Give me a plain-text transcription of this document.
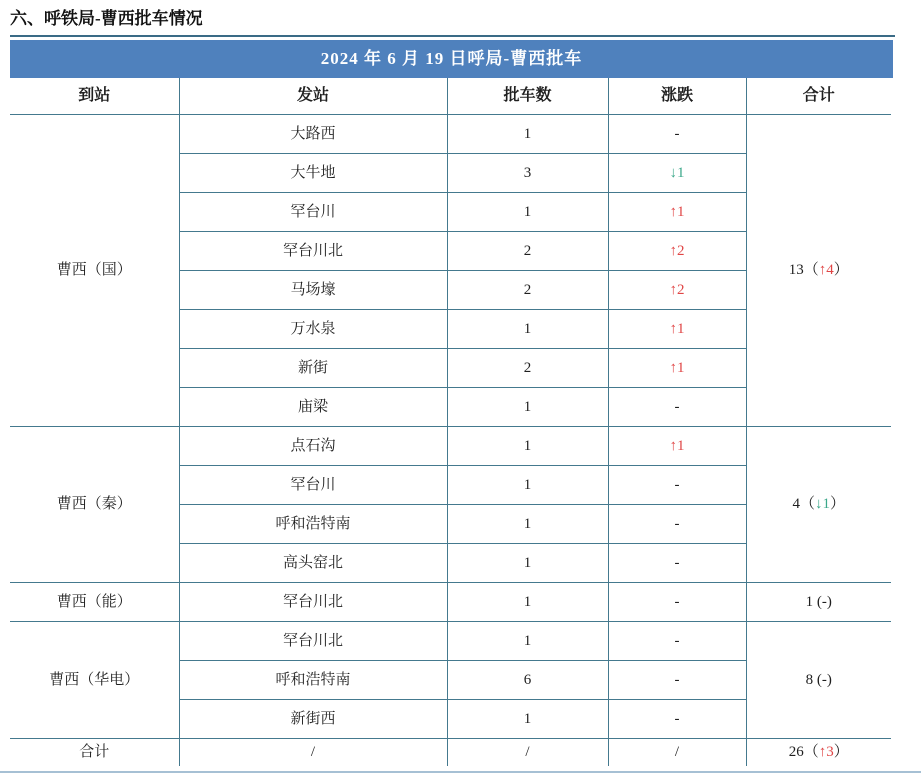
六、呼铁局-曹西批车情况
2024 年 6 月 19 日呼局-曹西批车
到站	发站	批车数	涨跌	合计
曹西（国）	大路西	1	-	13（↑4）
	大牛地	3	↓1	
	罕台川	1	↑1	
	罕台川北	2	↑2	
	马场壕	2	↑2	
	万水泉	1	↑1	
	新街	2	↑1	
	庙梁	1	-	
曹西（秦）	点石沟	1	↑1	4（↓1）
	罕台川	1	-	
	呼和浩特南	1	-	
	高头窑北	1	-	
曹西（能）	罕台川北	1	-	1 (-)
曹西（华电）	罕台川北	1	-	8 (-)
	呼和浩特南	6	-	
	新街西	1	-	
合计	/	/	/	26（↑3）
